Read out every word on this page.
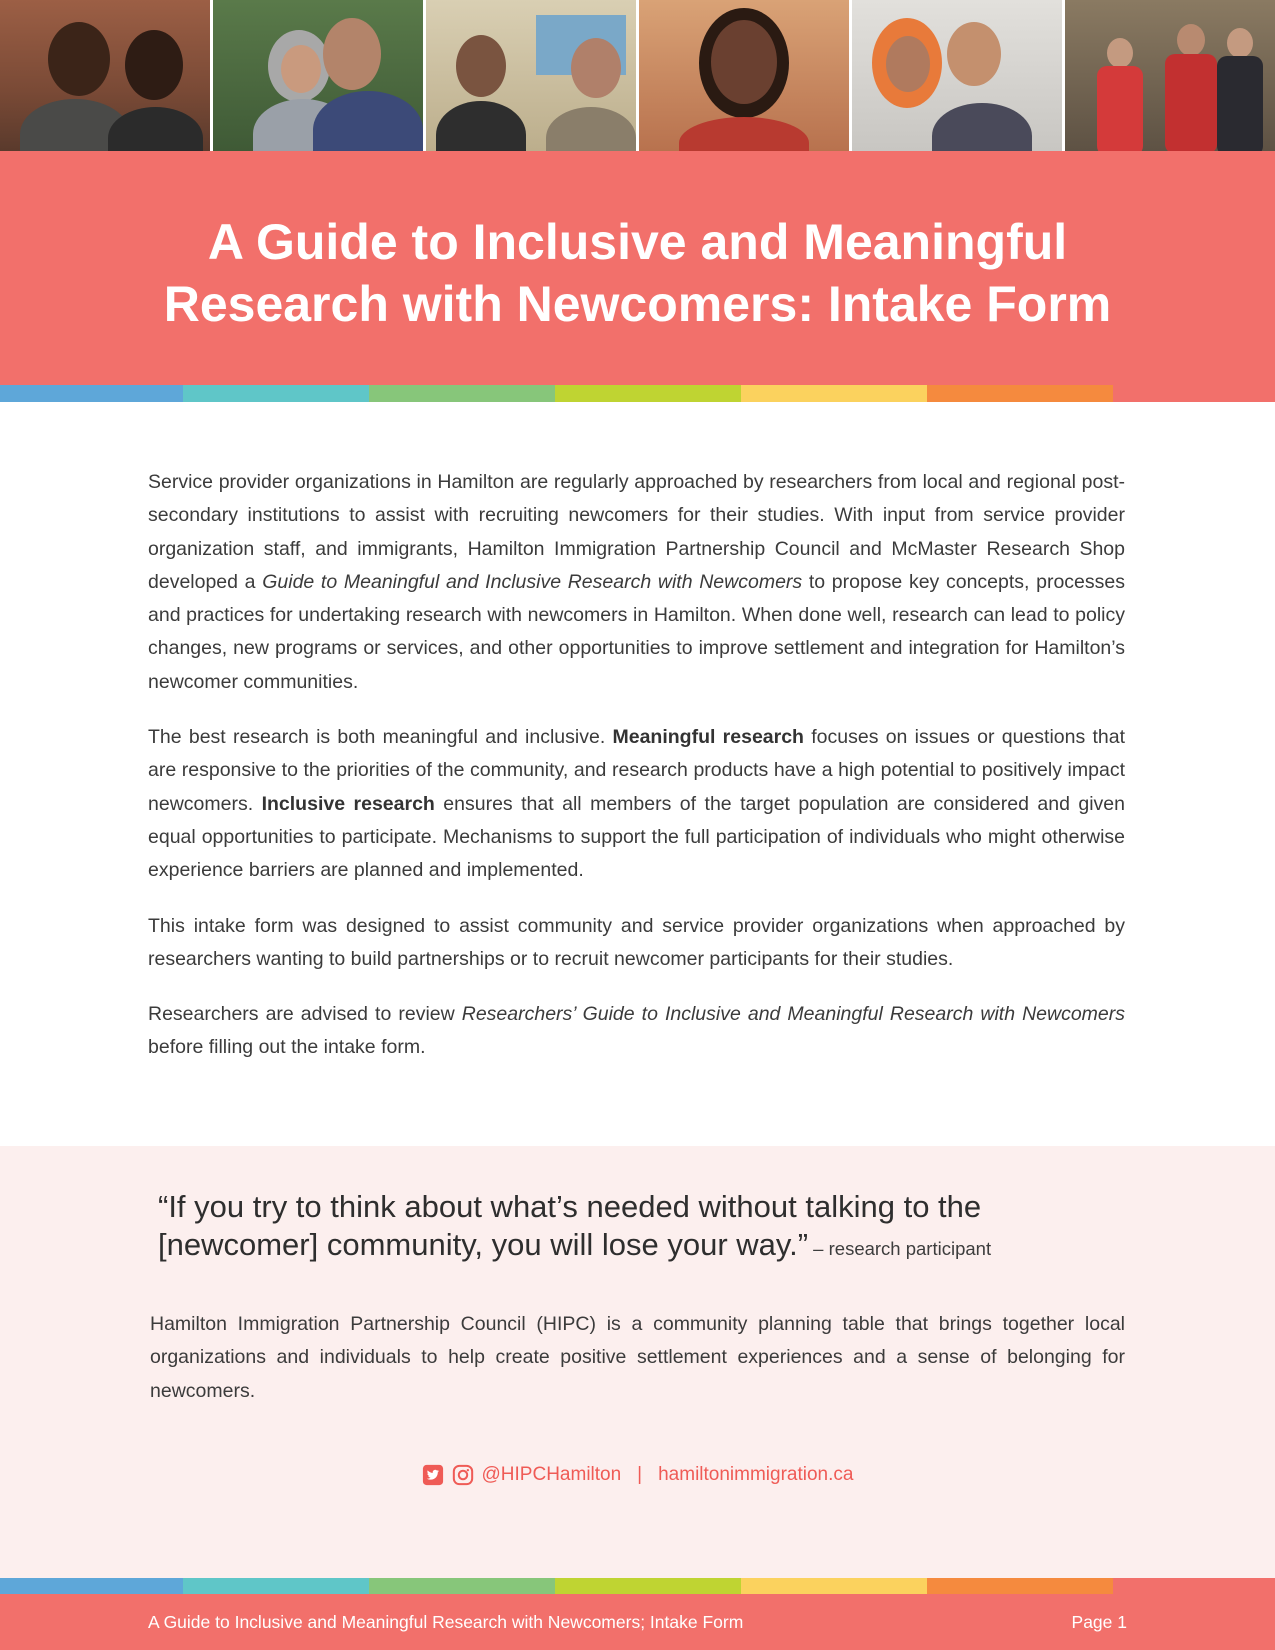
A Guide to Inclusive and Meaningful
Research with Newcomers: Intake Form

Service provider organizations in Hamilton are regularly approached by researchers from local and regional post-secondary institutions to assist with recruiting newcomers for their studies. With input from service provider organization staff, and immigrants, Hamilton Immigration Partnership Council and McMaster Research Shop developed a Guide to Meaningful and Inclusive Research with Newcomers to propose key concepts, processes and practices for undertaking research with newcomers in Hamilton. When done well, research can lead to policy changes, new programs or services, and other opportunities to improve settlement and integration for Hamilton’s newcomer communities.

The best research is both meaningful and inclusive. Meaningful research focuses on issues or questions that are responsive to the priorities of the community, and research products have a high potential to positively impact newcomers. Inclusive research ensures that all members of the target population are considered and given equal opportunities to participate. Mechanisms to support the full participation of individuals who might otherwise experience barriers are planned and implemented.

This intake form was designed to assist community and service provider organizations when approached by researchers wanting to build partnerships or to recruit newcomer participants for their studies.

Researchers are advised to review Researchers’ Guide to Inclusive and Meaningful Research with Newcomers before filling out the intake form.

“If you try to think about what’s needed without talking to the [newcomer] community, you will lose your way.” – research participant

Hamilton Immigration Partnership Council (HIPC) is a community planning table that brings together local organizations and individuals to help create positive settlement experiences and a sense of belonging for newcomers.

@HIPCHamilton | hamiltonimmigration.ca
A Guide to Inclusive and Meaningful Research with Newcomers; Intake Form	Page 1
